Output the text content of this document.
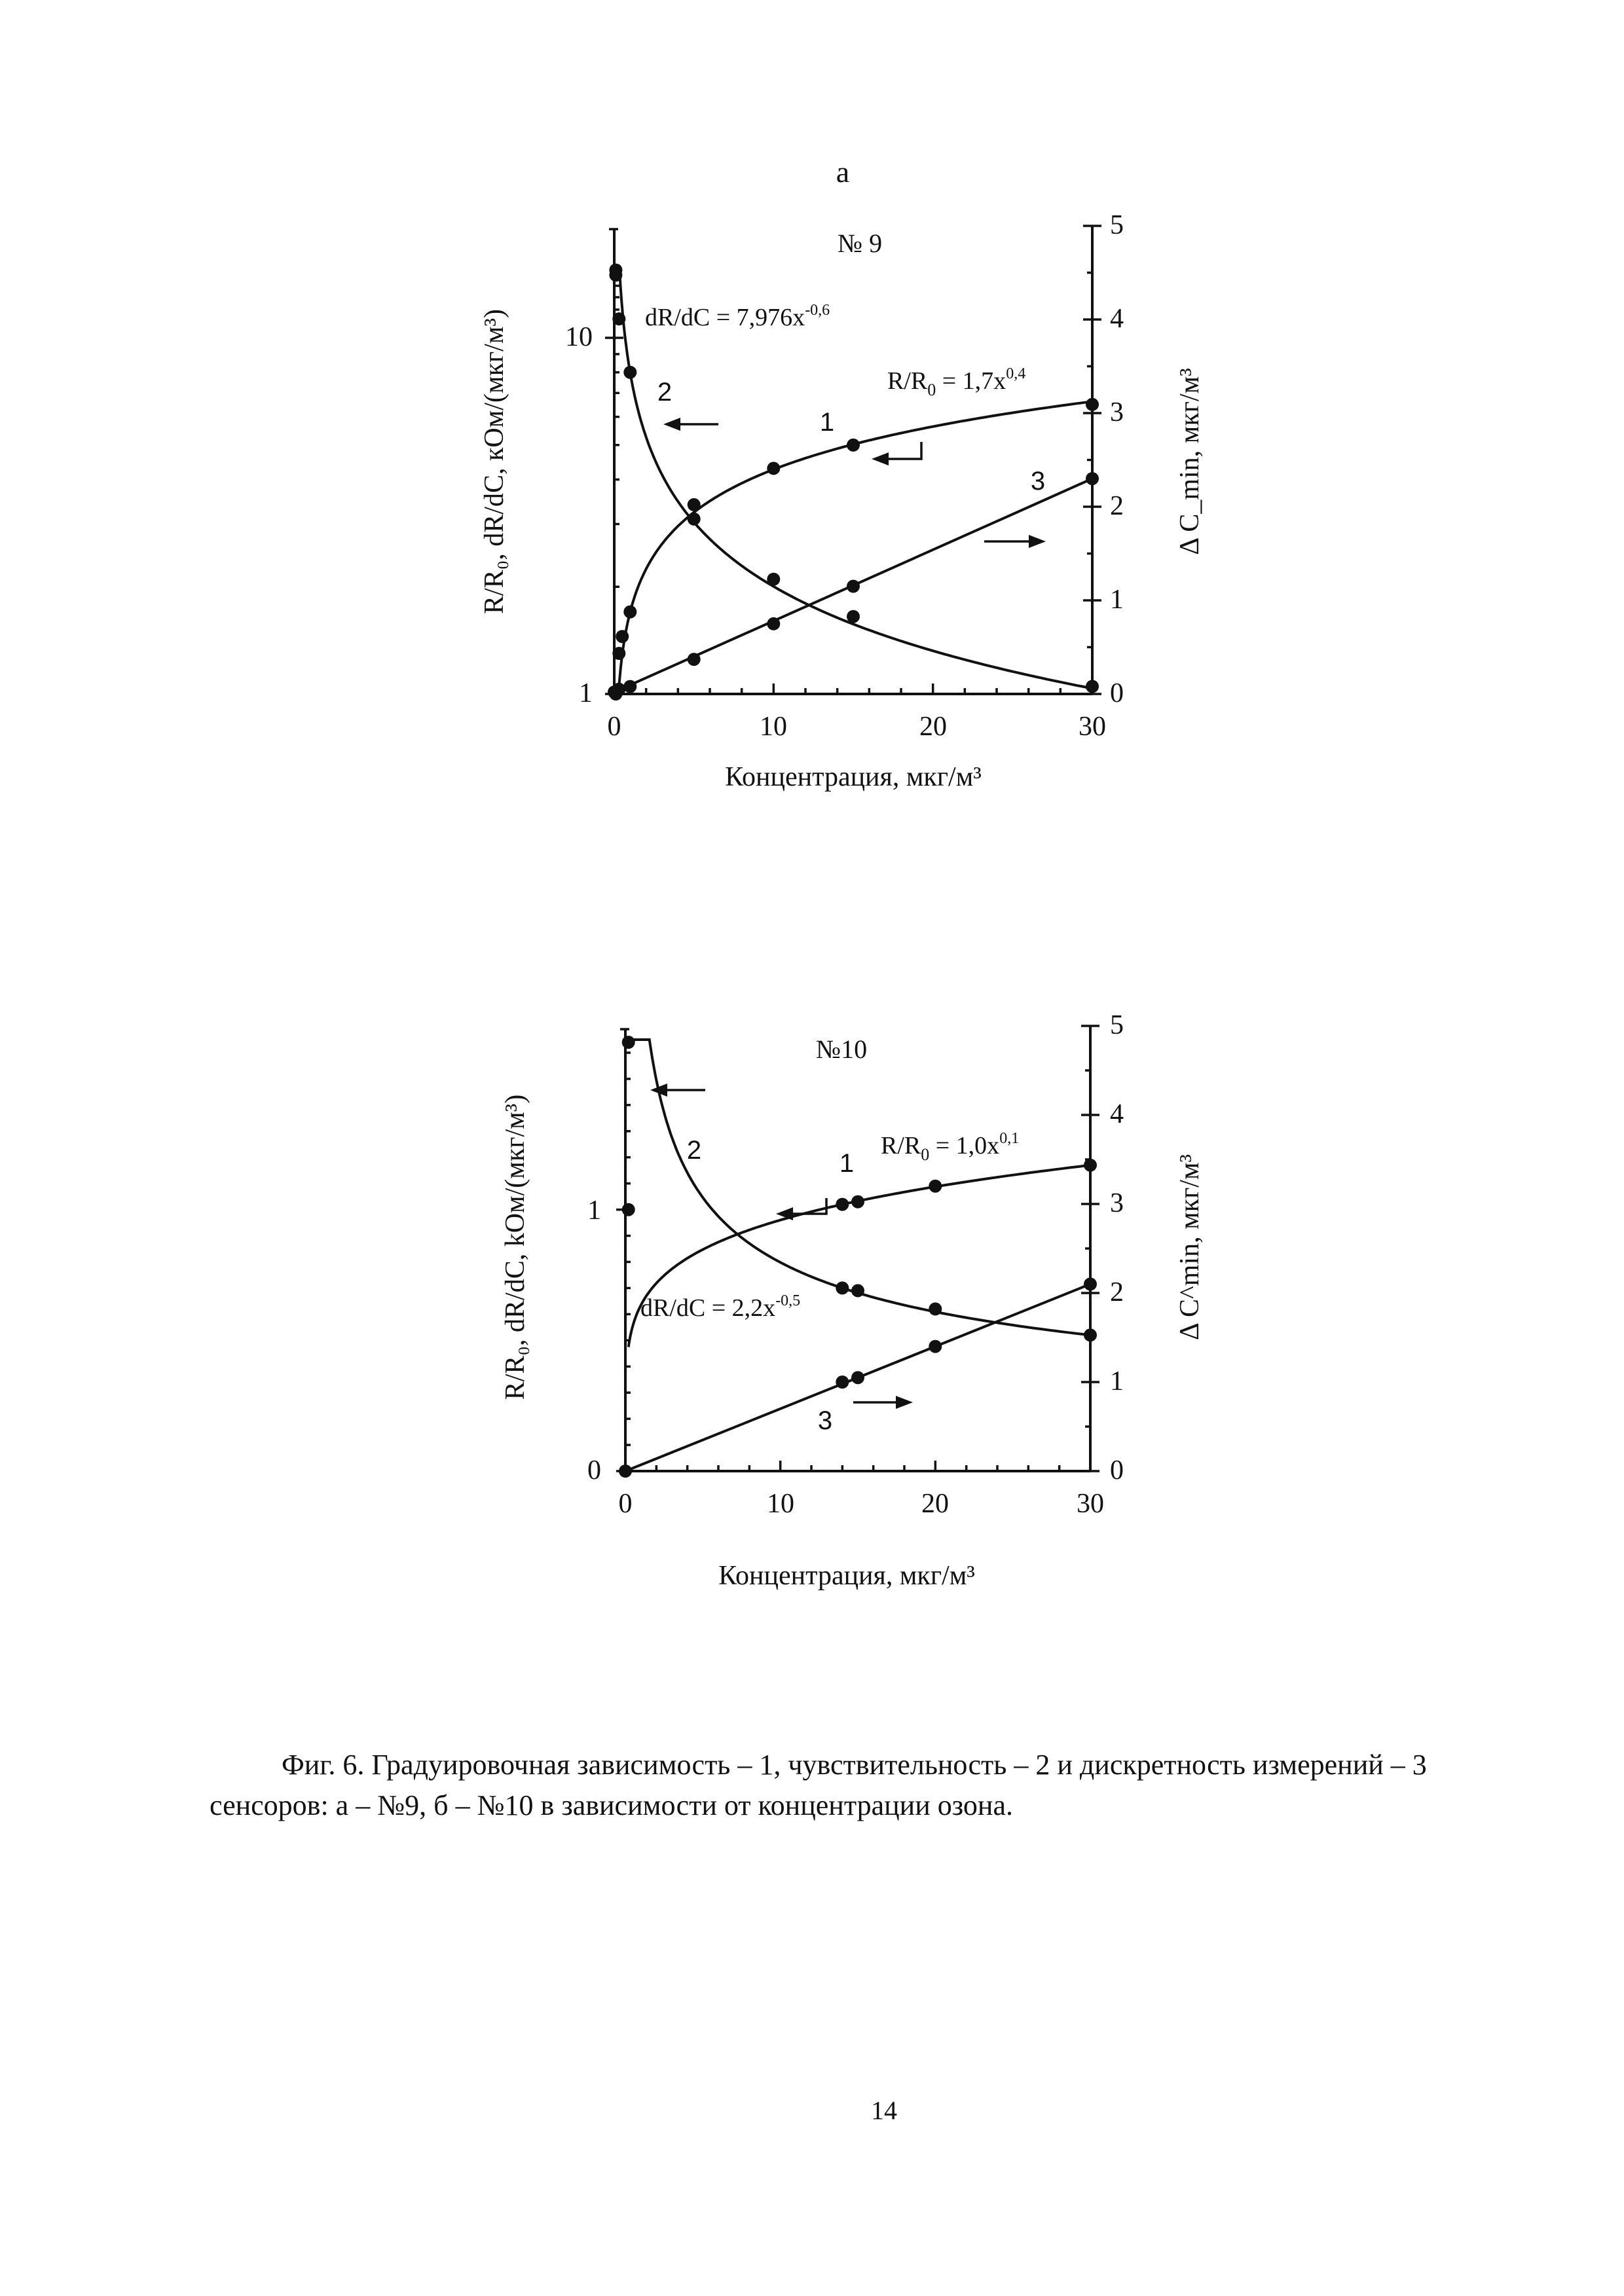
а
№ 9
0	10	20	30
1
10
0
1
2
3
4
5
Концентрация, мкг/м³
R/R₀, dR/dC, кОм/(мкг/м³)	Δ C_min, мкг/м³
dR/dC = 7,976x-0,6
R/R0 = 1,7x0,4
1
2
3
№10
0	10	20	30
0
1
0
1
2
3
4
5
Концентрация, мкг/м³
R/R₀, dR/dC, kОм/(мкг/м³)	Δ C^min, мкг/м³
R/R0 = 1,0x0,1
dR/dC = 2,2x-0,5
1
2
3
Фиг. 6. Градуировочная зависимость – 1, чувствительность – 2 и дискретность измерений – 3
сенсоров: а – №9, б – №10 в зависимости от концентрации озона.
14
